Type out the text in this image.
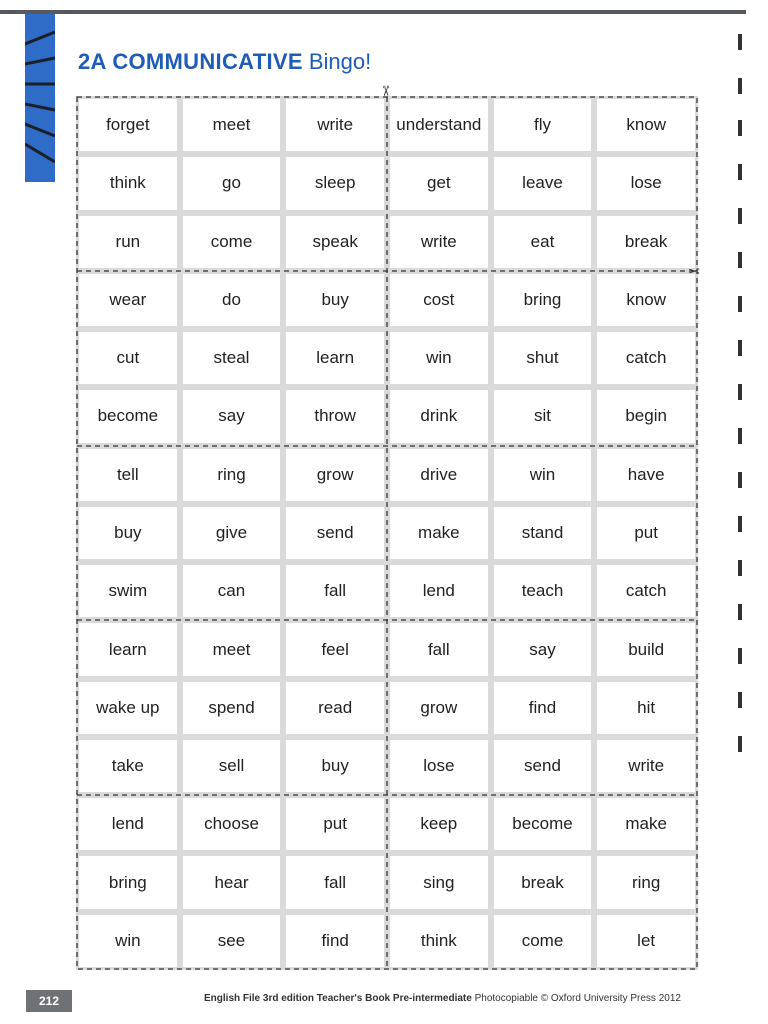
2A COMMUNICATIVE Bingo!
forget	meet	write	understand	fly	know
think	go	sleep	get	leave	lose
run	come	speak	write	eat	break
wear	do	buy	cost	bring	know
cut	steal	learn	win	shut	catch
become	say	throw	drink	sit	begin
tell	ring	grow	drive	win	have
buy	give	send	make	stand	put
swim	can	fall	lend	teach	catch
learn	meet	feel	fall	say	build
wake up	spend	read	grow	find	hit
take	sell	buy	lose	send	write
lend	choose	put	keep	become	make
bring	hear	fall	sing	break	ring
win	see	find	think	come	let
✂
✂
212	English File 3rd edition Teacher's Book Pre-intermediate Photocopiable © Oxford University Press 2012
